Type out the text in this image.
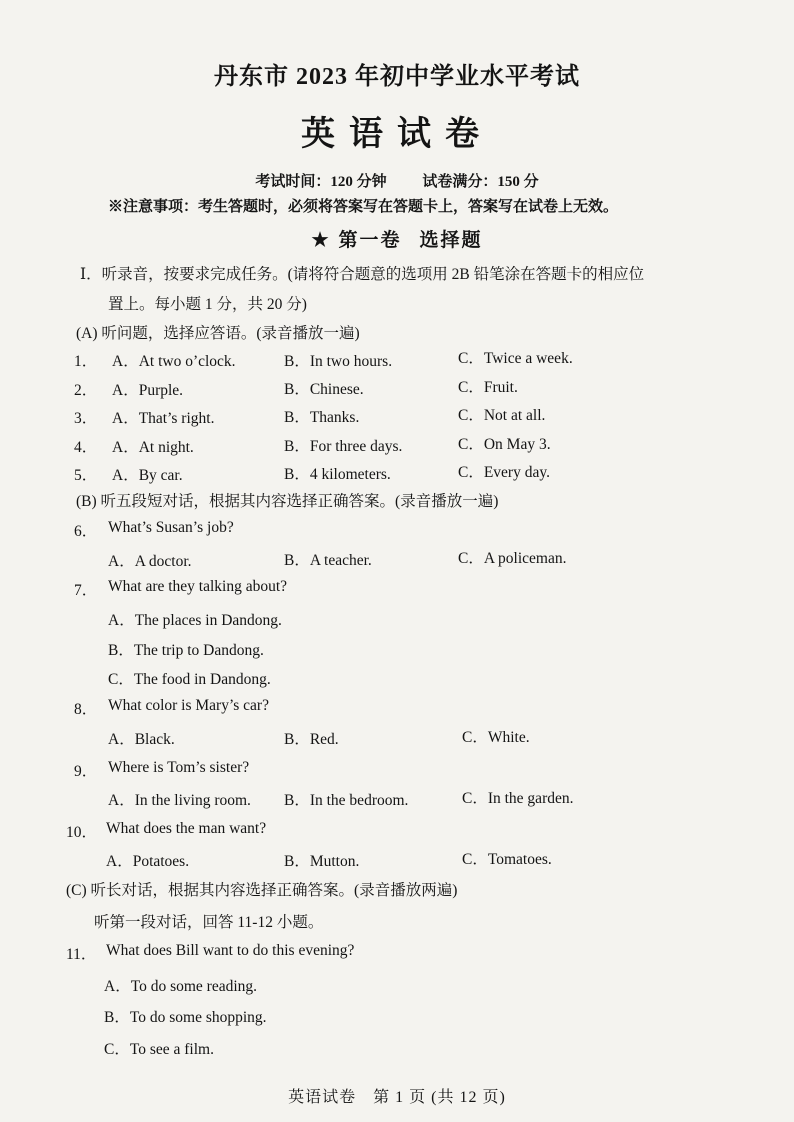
丹东市 2023 年初中学业水平考试
英语试卷
考试时间：120 分钟 试卷满分：150 分
※注意事项：考生答题时，必须将答案写在答题卡上，答案写在试卷上无效。
★ 第一卷 选择题
Ⅰ．听录音，按要求完成任务。(请将符合题意的选项用 2B 铅笔涂在答题卡的相应位
置上。每小题 1 分，共 20 分)
(A) 听问题，选择应答语。(录音播放一遍)
1． A．At two o’clock.	B．In two hours.	C．Twice a week.
2． A．Purple.	B．Chinese.	C．Fruit.
3． A．That’s right.	B．Thanks.	C．Not at all.
4． A．At night.	B．For three days.	C．On May 3.
5． A．By car.	B．4 kilometers.	C．Every day.
(B) 听五段短对话，根据其内容选择正确答案。(录音播放一遍)
6． What’s Susan’s job?
A．A doctor.	B．A teacher.	C．A policeman.
7． What are they talking about?
A．The places in Dandong.
B．The trip to Dandong.
C．The food in Dandong.
8． What color is Mary’s car?
A．Black.	B．Red.	C．White.
9． Where is Tom’s sister?
A．In the living room. B．In the bedroom.	C．In the garden.
10． What does the man want?
A．Potatoes.	B．Mutton.	C．Tomatoes.
(C) 听长对话，根据其内容选择正确答案。(录音播放两遍)
听第一段对话，回答 11-12 小题。
11． What does Bill want to do this evening?
A．To do some reading.
B．To do some shopping.
C．To see a film.
英语试卷　第 1 页 (共 12 页)
